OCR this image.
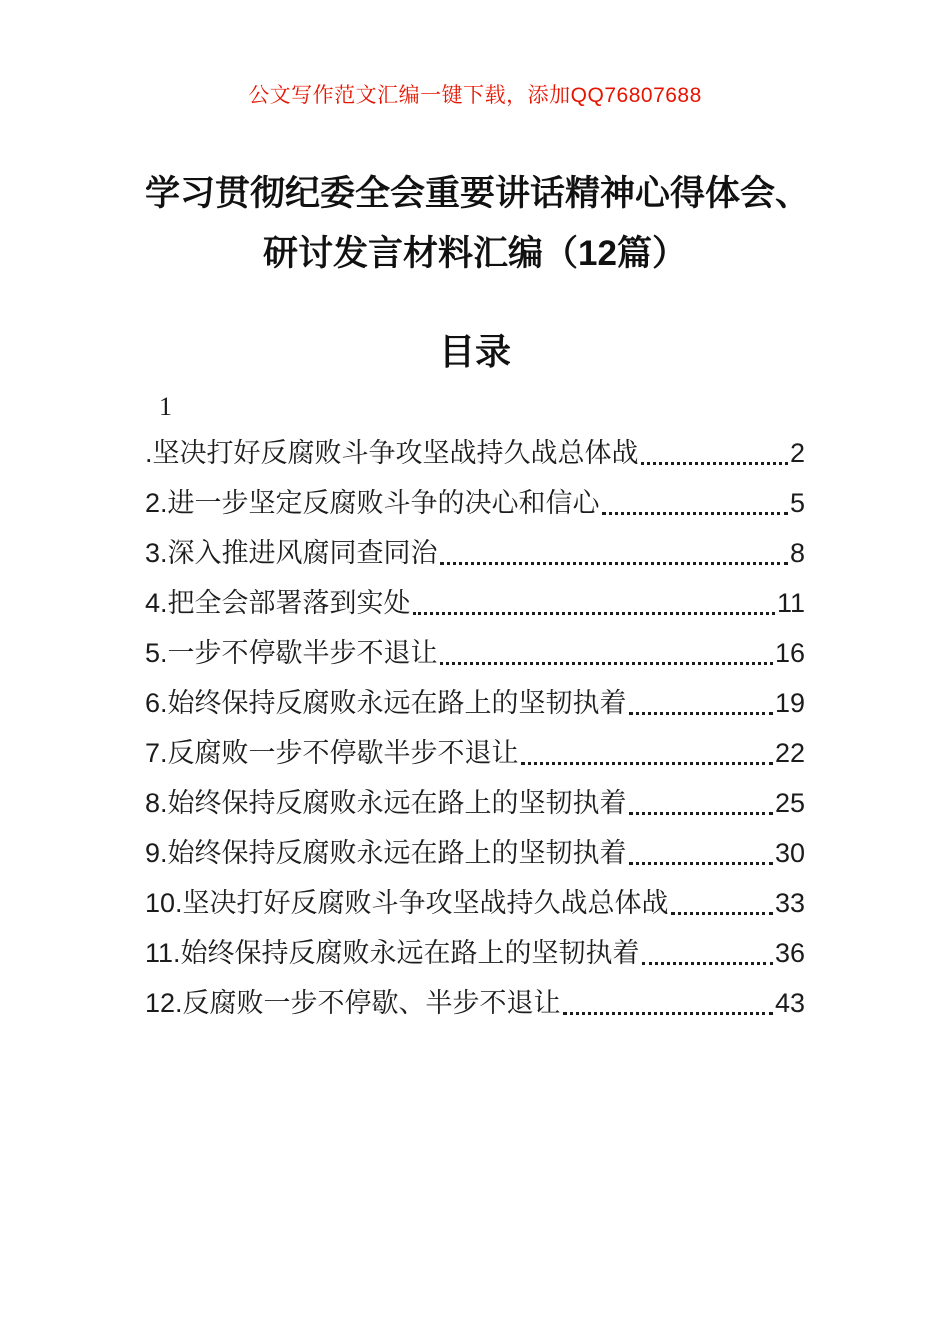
公文写作范文汇编一键下载，添加QQ76807688
学习贯彻纪委全会重要讲话精神心得体会、
研讨发言材料汇编（12篇）
目录
1
.坚决打好反腐败斗争攻坚战持久战总体战	2
2.进一步坚定反腐败斗争的决心和信心	5
3.深入推进风腐同查同治	8
4.把全会部署落到实处	11
5.一步不停歇半步不退让	16
6.始终保持反腐败永远在路上的坚韧执着	19
7.反腐败一步不停歇半步不退让	22
8.始终保持反腐败永远在路上的坚韧执着	25
9.始终保持反腐败永远在路上的坚韧执着	30
10.坚决打好反腐败斗争攻坚战持久战总体战	33
11.始终保持反腐败永远在路上的坚韧执着	36
12.反腐败一步不停歇、半步不退让	43
